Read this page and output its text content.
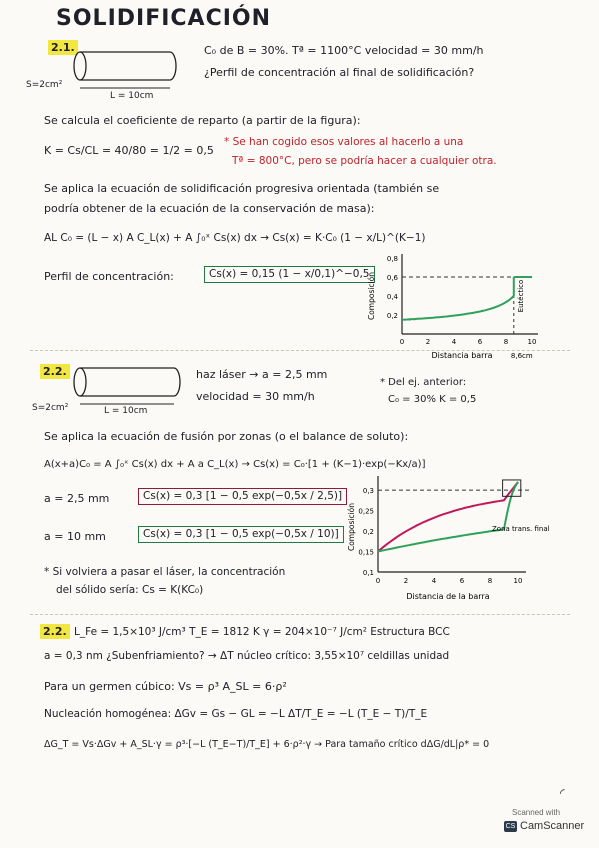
SOLIDIFICACIÓN
2.1.
S=2cm²
L = 10cm
C₀ de B = 30%. Tª = 1100°C velocidad = 30 mm/h
¿Perfil de concentración al final de solidificación?
Se calcula el coeficiente de reparto (a partir de la figura):
K = Cs/CL = 40/80 = 1/2 = 0,5
* Se han cogido esos valores al hacerlo a una
Tª = 800°C, pero se podría hacer a cualquier otra.
Se aplica la ecuación de solidificación progresiva orientada (también se
podría obtener de la ecuación de la conservación de masa):
AL C₀ = (L − x) A C_L(x) + A ∫₀ˣ Cs(x) dx → Cs(x) = K·C₀ (1 − x/L)^(K−1)
Perfil de concentración:	Cs(x) = 0,15 (1 − x/0,1)^−0,5
0,2
0,4
0,6
0,8
0	2	4	6	8	10
Composición
Distancia barra	8,6cm
Eutéctico
2.2.
S=2cm²	L = 10cm
haz láser → a = 2,5 mm
velocidad = 30 mm/h
* Del ej. anterior:
C₀ = 30% K = 0,5
Se aplica la ecuación de fusión por zonas (o el balance de soluto):
A(x+a)C₀ = A ∫₀ˣ Cs(x) dx + A a C_L(x) → Cs(x) = C₀·[1 + (K−1)·exp(−Kx/a)]
a = 2,5 mm	Cs(x) = 0,3 [1 − 0,5 exp(−0,5x / 2,5)]
a = 10 mm	Cs(x) = 0,3 [1 − 0,5 exp(−0,5x / 10)]
* Si volviera a pasar el láser, la concentración
del sólido sería: Cs = K(KC₀)
0,1
0,15
0,2
0,25
0,3
0	2	4	6	8	10
Composición
Distancia de la barra
Zona trans. final
2.2. L_Fe = 1,5×10³ J/cm³ T_E = 1812 K γ = 204×10⁻⁷ J/cm² Estructura BCC
a = 0,3 nm ¿Subenfriamiento? → ΔT núcleo crítico: 3,55×10⁷ celdillas unidad
Para un germen cúbico: Vs = ρ³ A_SL = 6·ρ²
Nucleación homogénea: ΔGv = Gs − GL = −L ΔT/T_E = −L (T_E − T)/T_E
ΔG_T = Vs·ΔGv + A_SL·γ = ρ³·[−L (T_E−T)/T_E] + 6·ρ²·γ → Para tamaño crítico dΔG/dL|ρ* = 0
◜
Scanned with
CS CamScanner
